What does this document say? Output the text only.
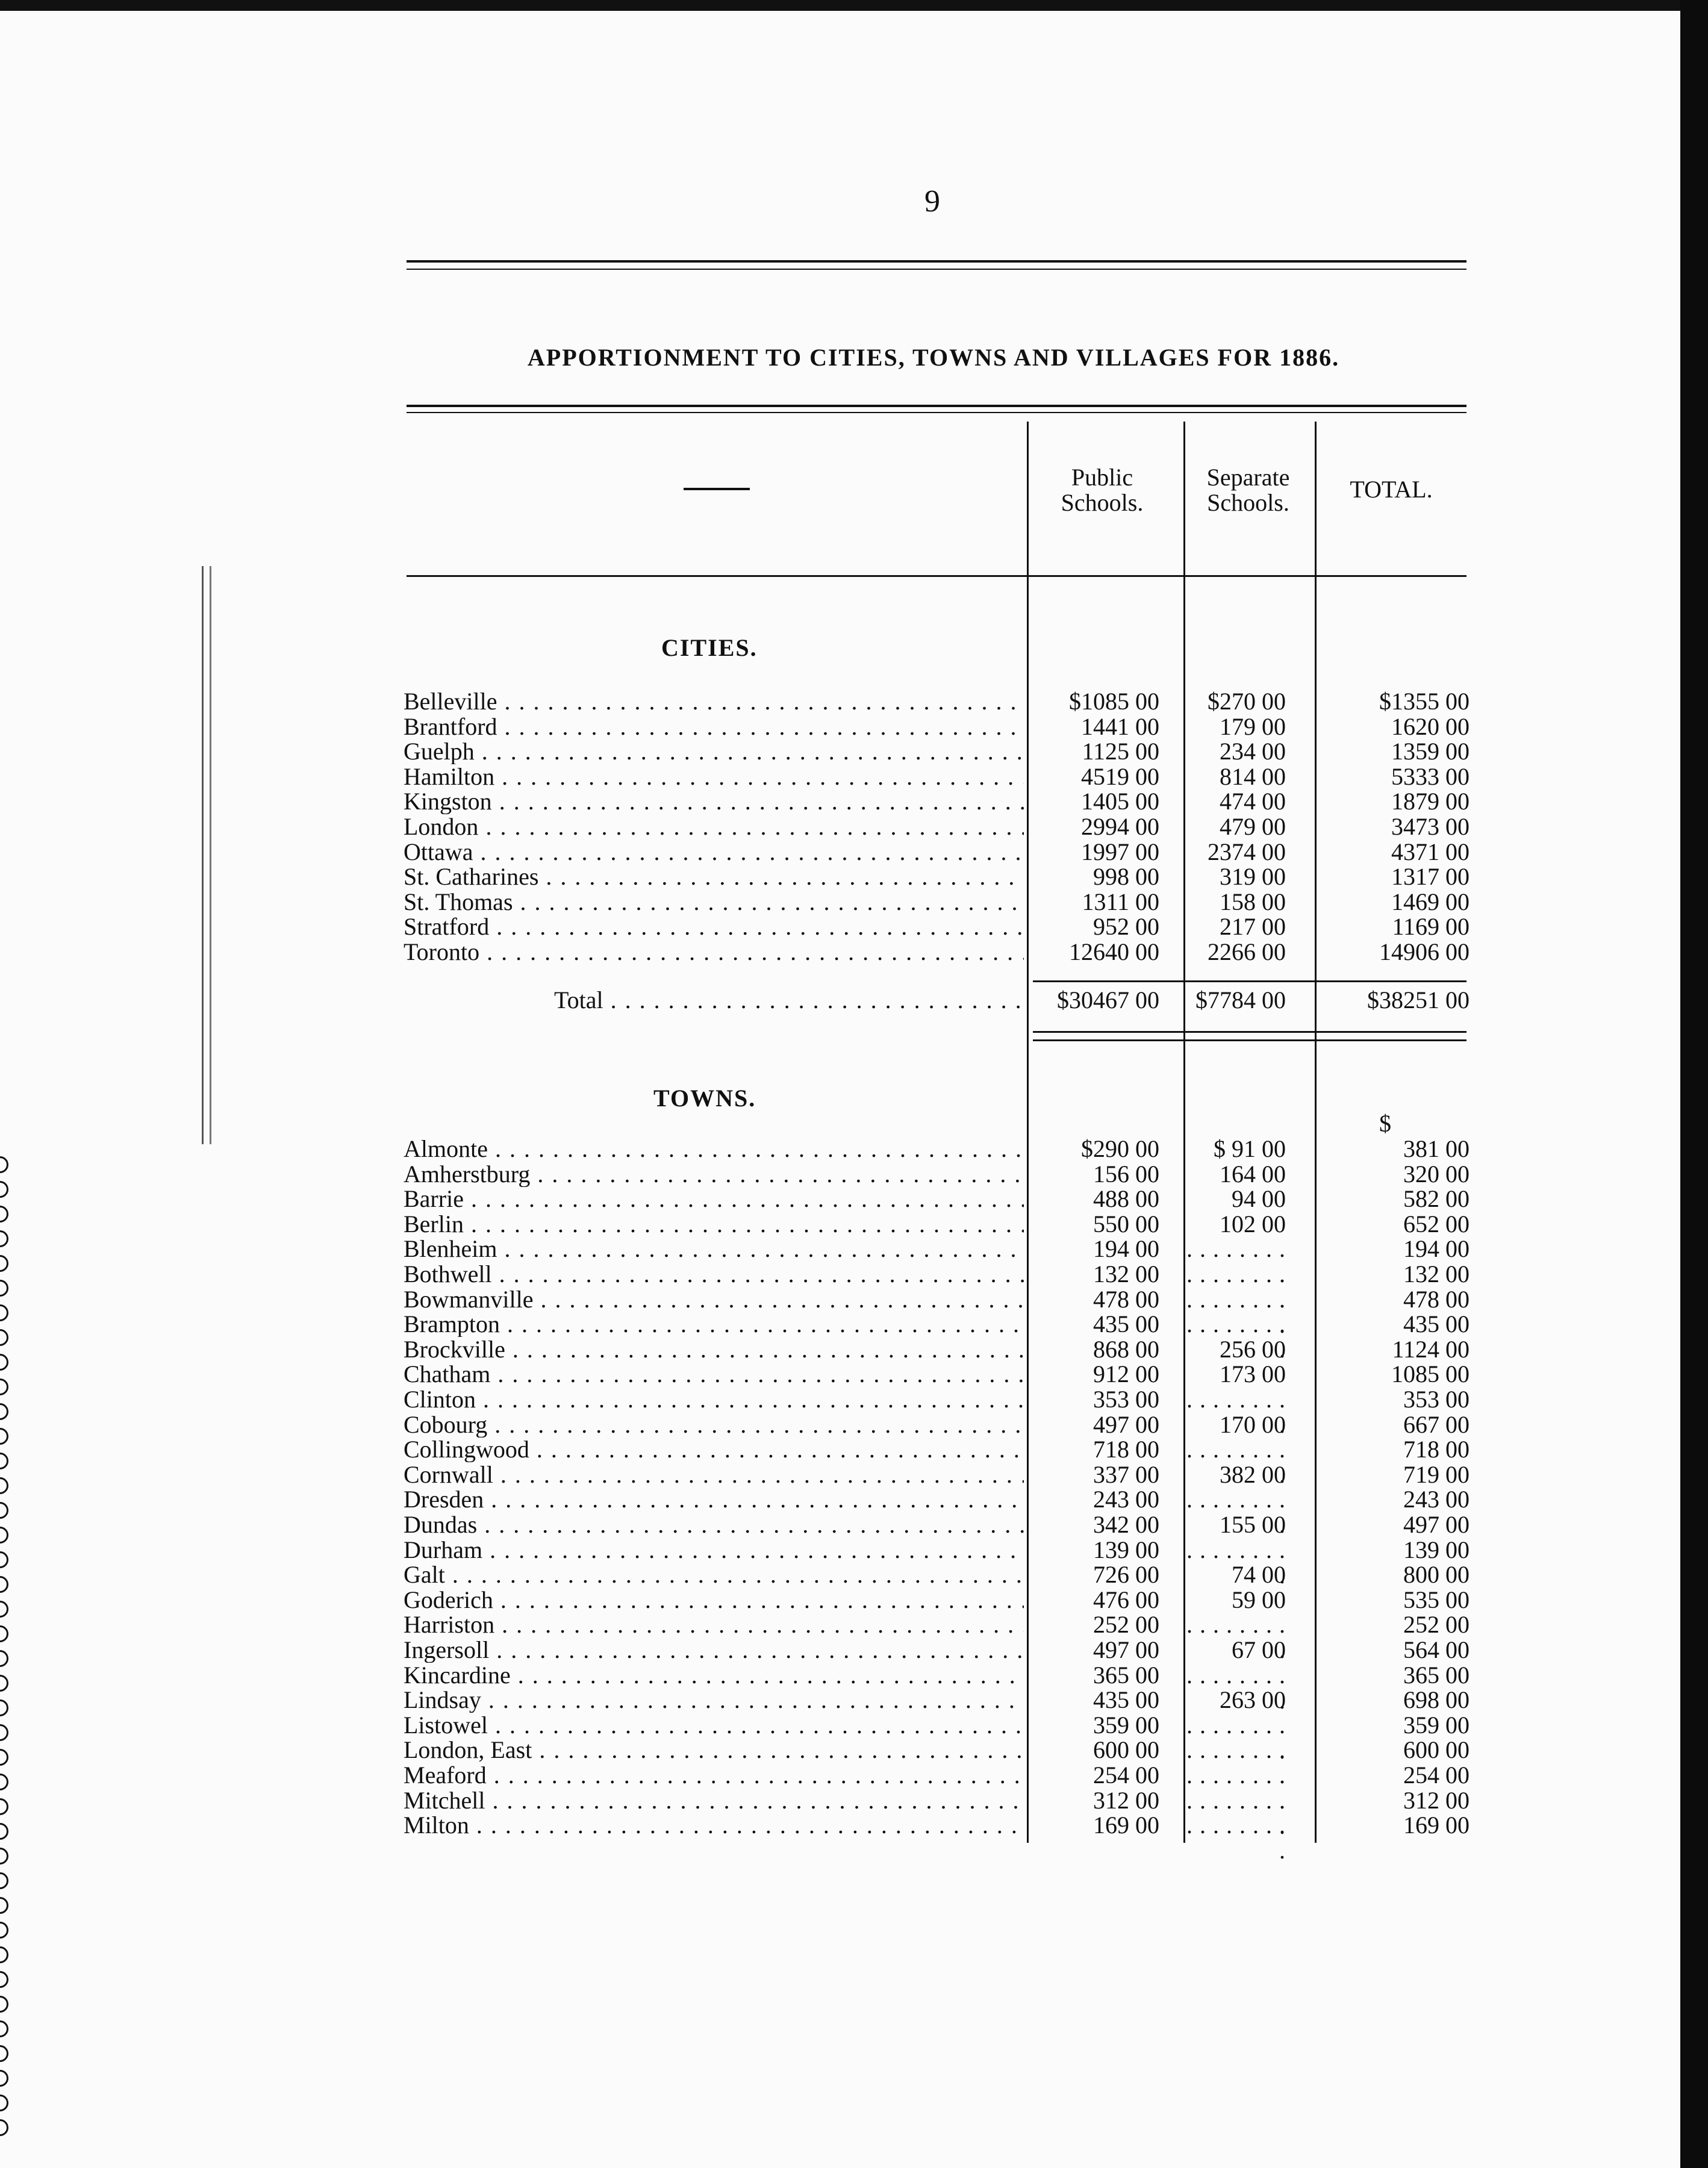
9
APPORTIONMENT TO CITIES, TOWNS AND VILLAGES FOR 1886.
Public
Schools.
Separate
Schools.	TOTAL.
CITIES.
Belleville . . .	$1085 00	$270 00	$1355 00
Brantford . . .	1441 00	179 00	1620 00
Guelph . . .	1125 00	234 00	1359 00
Hamilton . . .	4519 00	814 00	5333 00
Kingston . . .	1405 00	474 00	1879 00
London . . .	2994 00	479 00	3473 00
Ottawa . . .	1997 00	2374 00	4371 00
St. Catharines . . .	998 00	319 00	1317 00
St. Thomas . . .	1311 00	158 00	1469 00
Stratford . . .	952 00	217 00	1169 00
Toronto . . .	12640 00	2266 00	14906 00
Total . . .	$30467 00	$7784 00	$38251 00
TOWNS.
$
Almonte . . .	$290 00	$ 91 00	381 00
Amherstburg . . .	156 00	164 00	320 00
Barrie . . .	488 00	94 00	582 00
Berlin . . .	550 00	102 00	652 00
Blenheim . . .	194 00 . . .	194 00
Bothwell . . .	132 00 . . .	132 00
Bowmanville . . .	478 00 . . .	478 00
Brampton . . .	435 00 . . .	435 00
Brockville . . .	868 00	256 00	1124 00
Chatham . . .	912 00	173 00	1085 00
Clinton . . .	353 00 . . .	353 00
Cobourg . . .	497 00	170 00	667 00
Collingwood . . .	718 00 . . .	718 00
Cornwall . . .	337 00	382 00	719 00
Dresden . . .	243 00 . . .	243 00
Dundas . . .	342 00	155 00	497 00
Durham . . .	139 00 . . .	139 00
Galt . . .	726 00	74 00	800 00
Goderich . . .	476 00	59 00	535 00
Harriston . . .	252 00 . . .	252 00
Ingersoll . . .	497 00	67 00	564 00
Kincardine . . .	365 00 . . .	365 00
Lindsay . . .	435 00	263 00	698 00
Listowel . . .	359 00 . . .	359 00
London, East . . .	600 00 . . .	600 00
Meaford . . .	254 00 . . .	254 00
Mitchell . . .	312 00 . . .	312 00
Milton . . .	169 00 . . .	169 00
